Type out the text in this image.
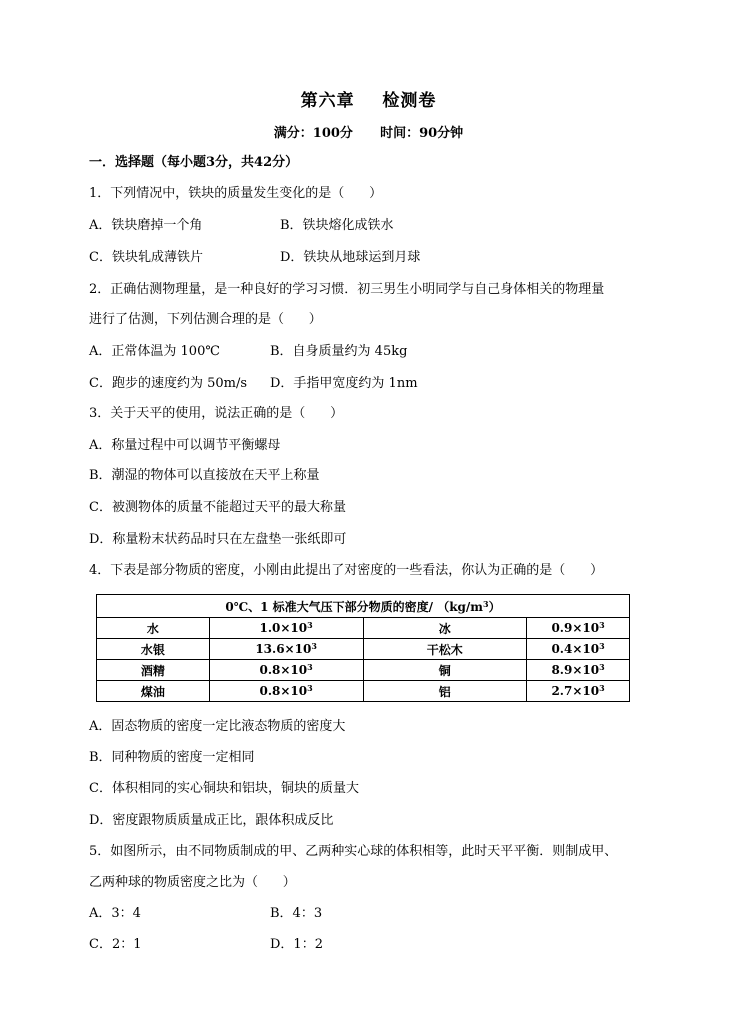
第六章    检测卷
满分：100分 时间：90分钟
一．选择题（每小题3分，共42分）
1．下列情况中，铁块的质量发生变化的是（      ）
A．铁块磨掉一个角	B．铁块熔化成铁水
C．铁块轧成薄铁片	D．铁块从地球运到月球
2．正确估测物理量，是一种良好的学习习惯．初三男生小明同学与自己身体相关的物理量
进行了估测，下列估测合理的是（      ）
A．正常体温为 100℃	B．自身质量约为 45kg
C．跑步的速度约为 50m/s D．手指甲宽度约为 1nm
3．关于天平的使用，说法正确的是（      ）
A．称量过程中可以调节平衡螺母
B．潮湿的物体可以直接放在天平上称量
C．被测物体的质量不能超过天平的最大称量
D．称量粉末状药品时只在左盘垫一张纸即可
4．下表是部分物质的密度，小刚由此提出了对密度的一些看法，你认为正确的是（      ）
0℃、1 标准大气压下部分物质的密度/ $(kg/m^3)$			
水	$1.0\times 10^3$	冰	$0.9\times 10^3$
水银	$13.6\times 10^3$	干松木	$0.4\times 10^3$
酒精	$0.8\times 10^3$	铜	$8.9\times 10^3$
煤油	$0.8\times 10^3$	铝	$2.7\times 10^3$
A．固态物质的密度一定比液态物质的密度大
B．同种物质的密度一定相同
C．体积相同的实心铜块和铝块，铜块的质量大
D．密度跟物质质量成正比，跟体积成反比
5．如图所示，由不同物质制成的甲、乙两种实心球的体积相等，此时天平平衡．则制成甲、
乙两种球的物质密度之比为（      ）
A．3：4	B．4：3
C．2：1	D．1：2
